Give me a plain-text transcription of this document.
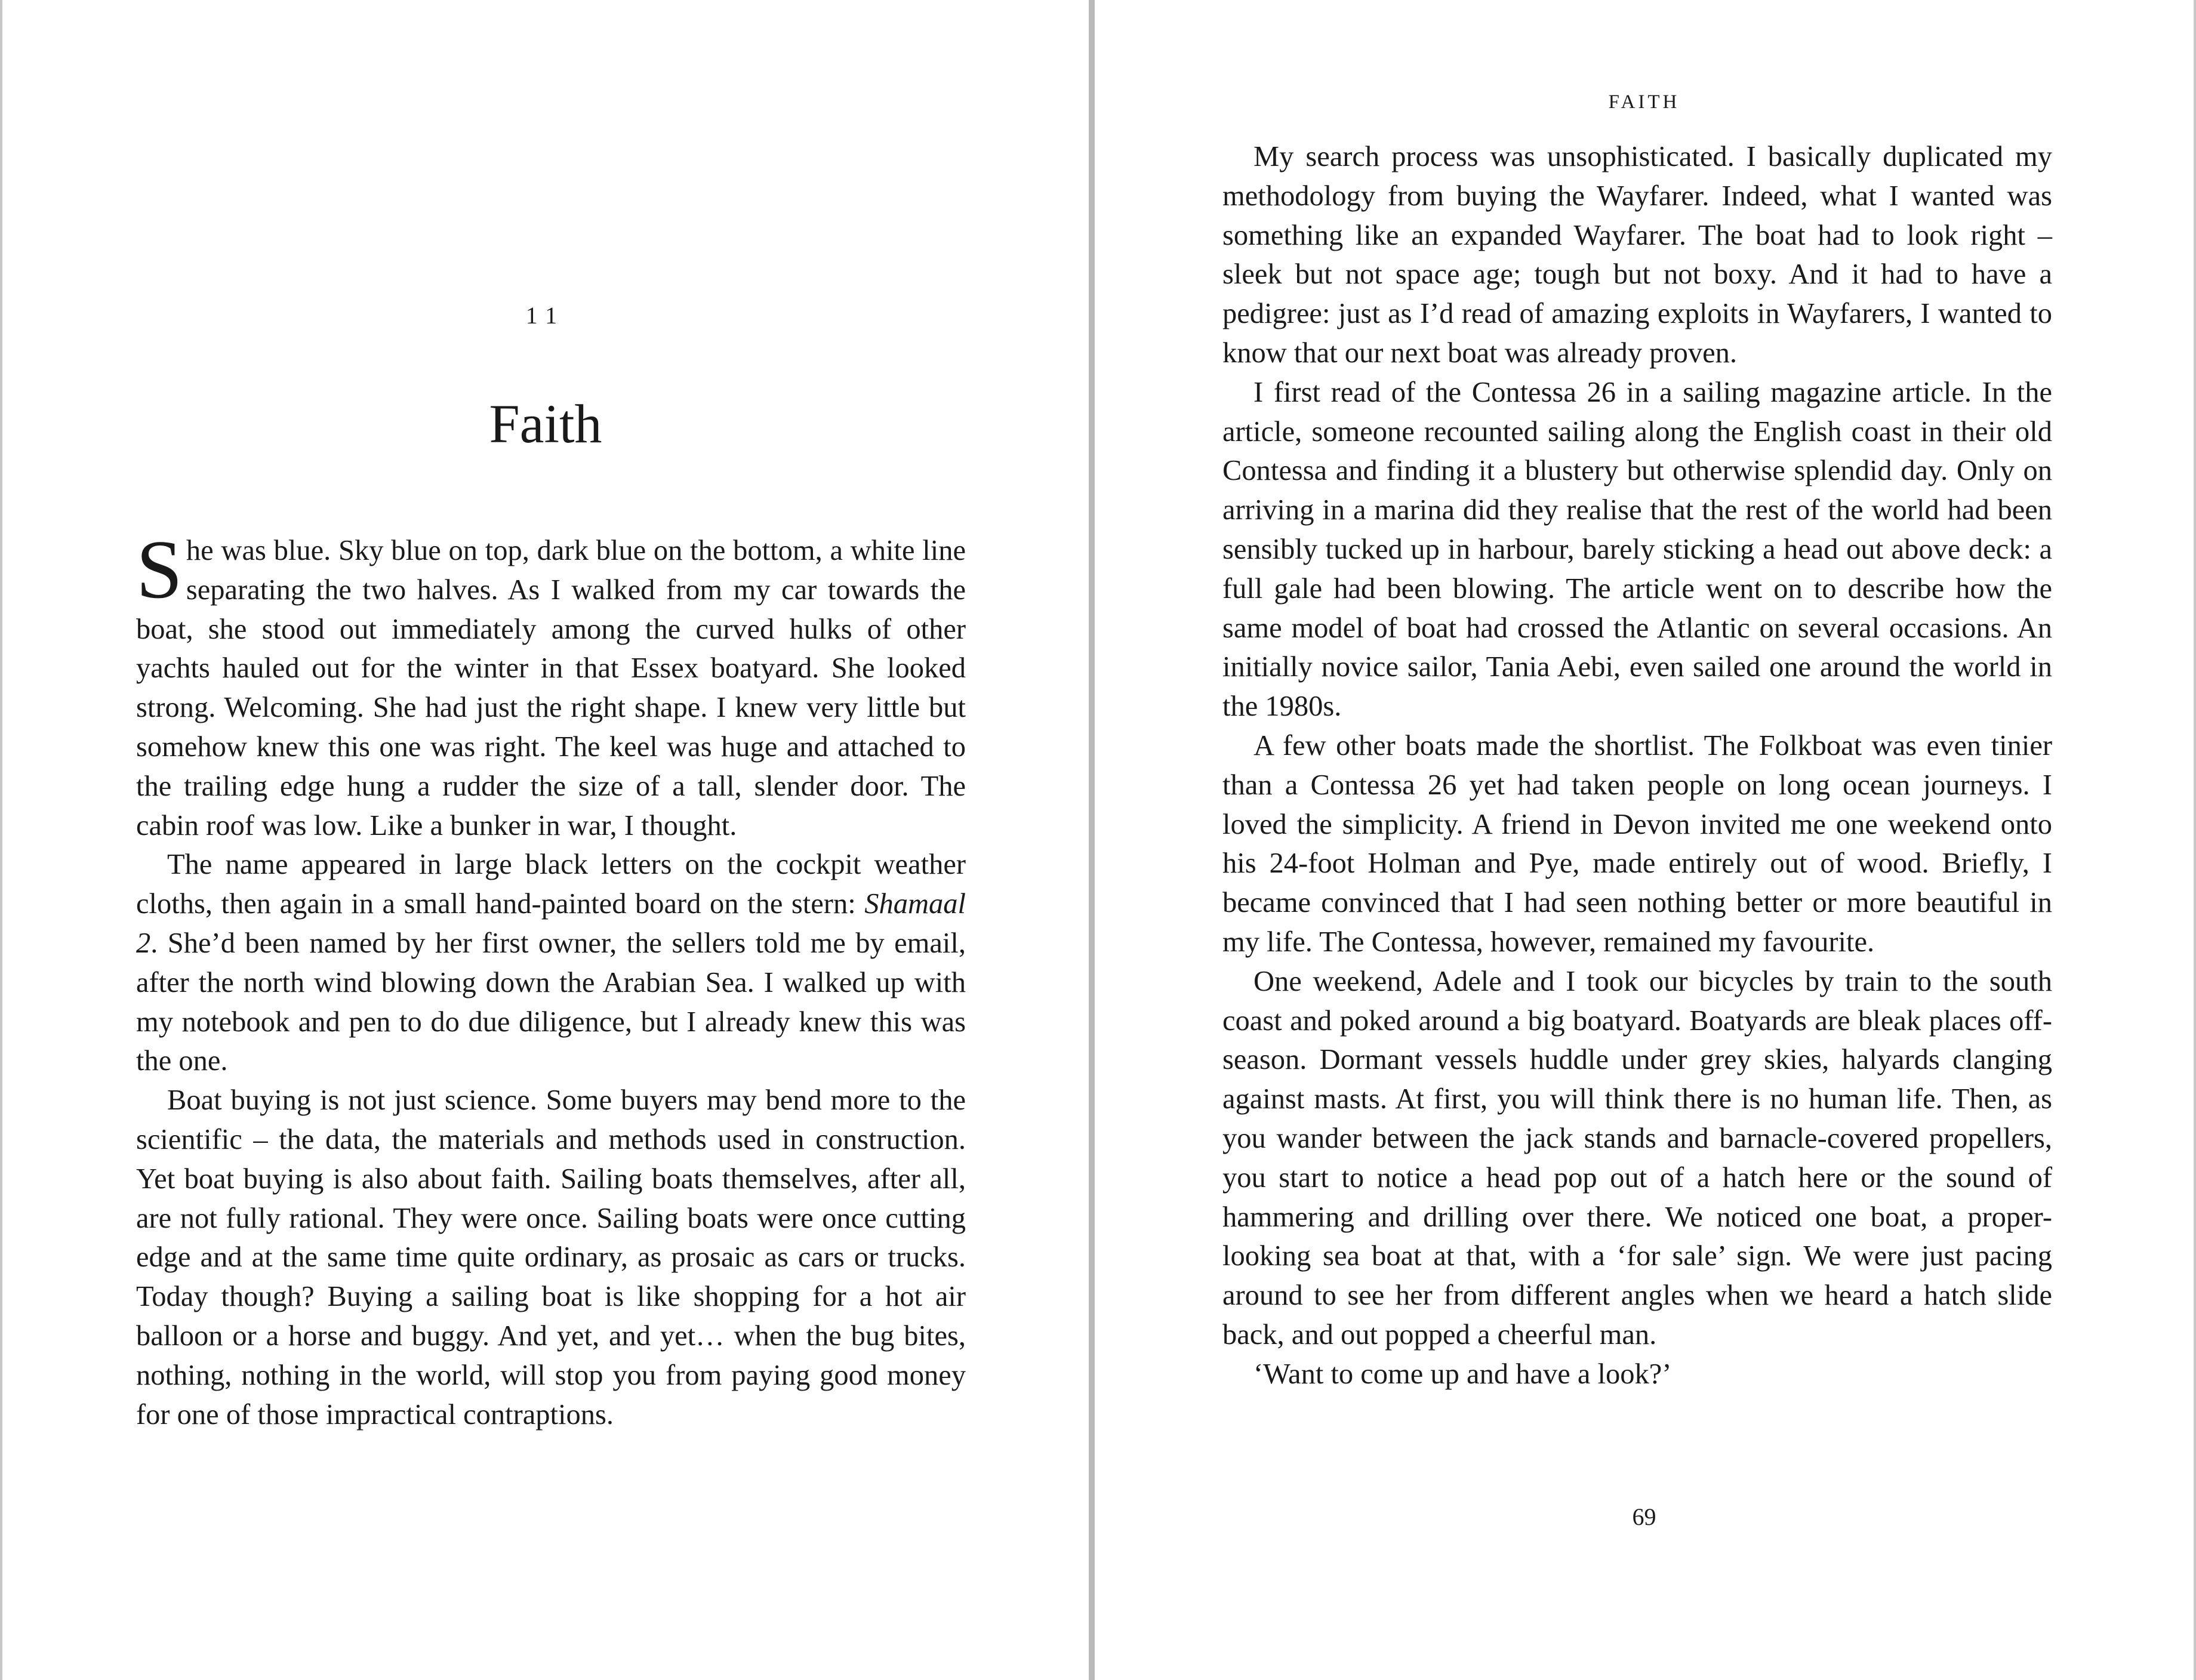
11
Faith

She was blue. Sky blue on top, dark blue on the bottom, a white line separating the two halves. As I walked from my car towards the boat, she stood out immediately among the curved hulks of other yachts hauled out for the winter in that Essex boatyard. She looked strong. Welcoming. She had just the right shape. I knew very little but somehow knew this one was right. The keel was huge and attached to the trailing edge hung a rudder the size of a tall, slender door. The cabin roof was low. Like a bunker in war, I thought.

The name appeared in large black letters on the cockpit weather cloths, then again in a small hand-painted board on the stern: Shamaal 2. She’d been named by her first owner, the sellers told me by email, after the north wind blowing down the Arabian Sea. I walked up with my notebook and pen to do due diligence, but I already knew this was the one.

Boat buying is not just science. Some buyers may bend more to the scientific – the data, the materials and methods used in construction. Yet boat buying is also about faith. Sailing boats themselves, after all, are not fully rational. They were once. Sailing boats were once cutting edge and at the same time quite ordinary, as prosaic as cars or trucks. Today though? Buying a sailing boat is like shopping for a hot air balloon or a horse and buggy. And yet, and yet… when the bug bites, nothing, nothing in the world, will stop you from paying good money for one of those impractical contraptions.

FAITH

My search process was unsophisticated. I basically duplicated my methodology from buying the Wayfarer. Indeed, what I wanted was something like an expanded Wayfarer. The boat had to look right – sleek but not space age; tough but not boxy. And it had to have a pedigree: just as I’d read of amazing exploits in Wayfarers, I wanted to know that our next boat was already proven.

I first read of the Contessa 26 in a sailing magazine article. In the article, someone recounted sailing along the English coast in their old Contessa and finding it a blustery but otherwise splendid day. Only on arriving in a marina did they realise that the rest of the world had been sensibly tucked up in harbour, barely sticking a head out above deck: a full gale had been blowing. The article went on to describe how the same model of boat had crossed the Atlantic on several occasions. An initially novice sailor, Tania Aebi, even sailed one around the world in the 1980s.

A few other boats made the shortlist. The Folkboat was even tinier than a Contessa 26 yet had taken people on long ocean journeys. I loved the simplicity. A friend in Devon invited me one weekend onto his 24-foot Holman and Pye, made entirely out of wood. Briefly, I became convinced that I had seen nothing better or more beautiful in my life. The Contessa, however, remained my favourite.

One weekend, Adele and I took our bicycles by train to the south coast and poked around a big boatyard. Boatyards are bleak places off-season. Dormant vessels huddle under grey skies, halyards clanging against masts. At first, you will think there is no human life. Then, as you wander between the jack stands and barnacle-covered propellers, you start to notice a head pop out of a hatch here or the sound of hammering and drilling over there. We noticed one boat, a proper-looking sea boat at that, with a ‘for sale’ sign. We were just pacing around to see her from different angles when we heard a hatch slide back, and out popped a cheerful man.

‘Want to come up and have a look?’

69
